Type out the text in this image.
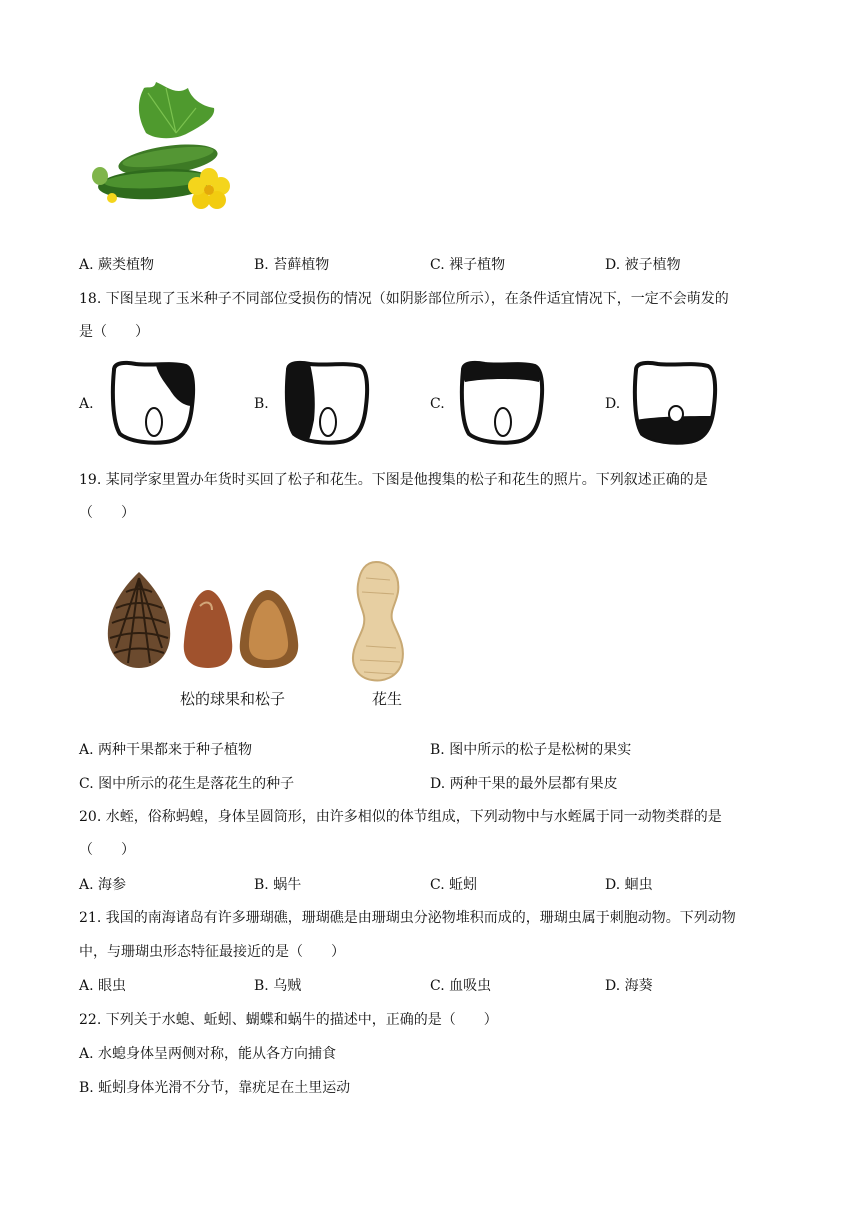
A. 蕨类植物	B. 苔藓植物	C. 裸子植物	D. 被子植物
18. 下图呈现了玉米种子不同部位受损伤的情况（如阴影部位所示），在条件适宜情况下，一定不会萌发的
是（　　）
A.	B.	C.	D.
19. 某同学家里置办年货时买回了松子和花生。下图是他搜集的松子和花生的照片。下列叙述正确的是
（　　）
松的球果和松子	花生
A. 两种干果都来于种子植物	B. 图中所示的松子是松树的果实
C. 图中所示的花生是落花生的种子	D. 两种干果的最外层都有果皮
20. 水蛭，俗称蚂蝗，身体呈圆筒形，由许多相似的体节组成，下列动物中与水蛭属于同一动物类群的是
（　　）
A. 海参	B. 蜗牛	C. 蚯蚓	D. 蛔虫
21. 我国的南海诸岛有许多珊瑚礁，珊瑚礁是由珊瑚虫分泌物堆积而成的，珊瑚虫属于刺胞动物。下列动物
中，与珊瑚虫形态特征最接近的是（　　）
A. 眼虫	B. 乌贼	C. 血吸虫	D. 海葵
22. 下列关于水螅、蚯蚓、蝴蝶和蜗牛的描述中，正确的是（　　）
A. 水螅身体呈两侧对称，能从各方向捕食
B. 蚯蚓身体光滑不分节，靠疣足在土里运动
